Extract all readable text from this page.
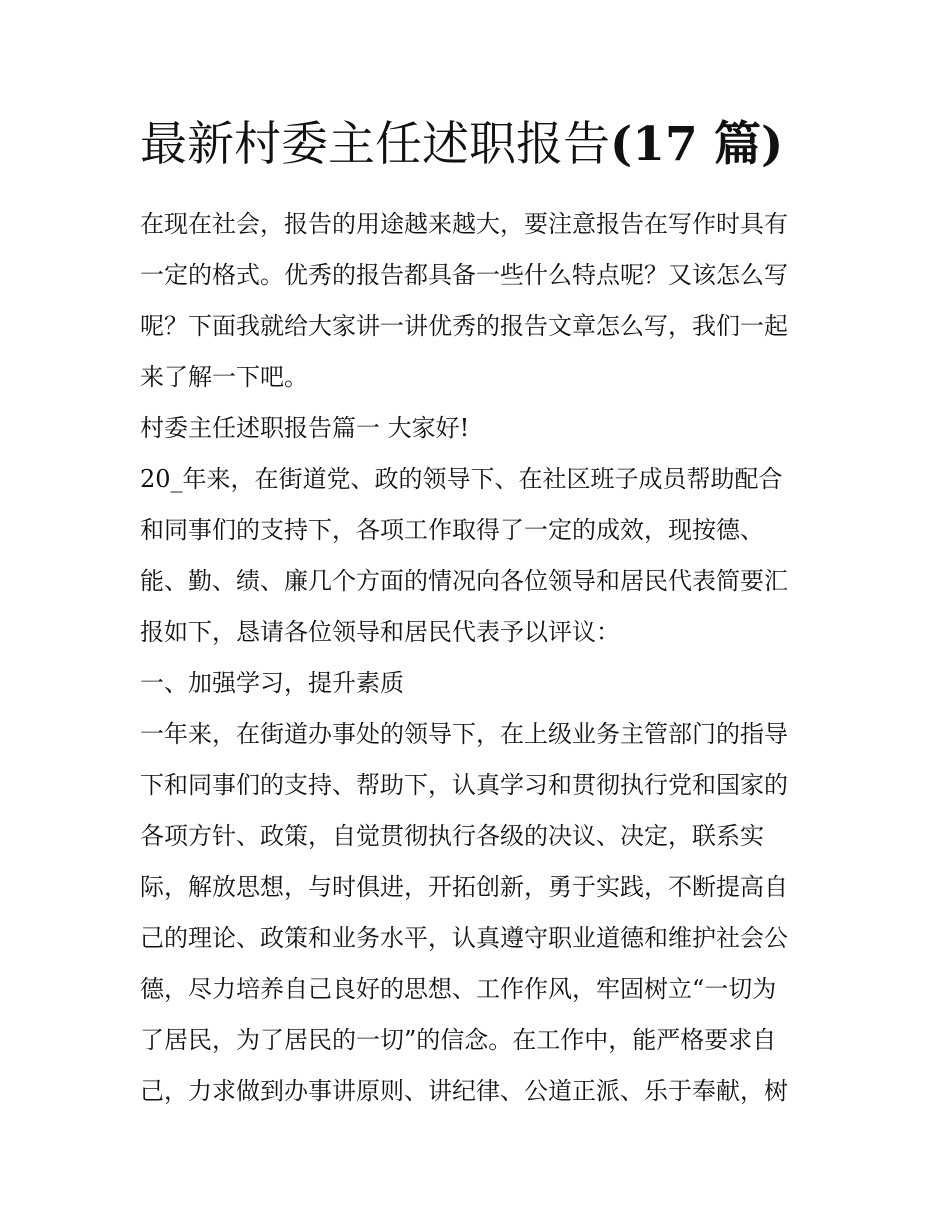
最新村委主任述职报告(17 篇)
在现在社会，报告的用途越来越大，要注意报告在写作时具有
一定的格式。优秀的报告都具备一些什么特点呢？又该怎么写
呢？下面我就给大家讲一讲优秀的报告文章怎么写，我们一起
来了解一下吧。
村委主任述职报告篇一 大家好!
20_年来，在街道党、政的领导下、在社区班子成员帮助配合
和同事们的支持下，各项工作取得了一定的成效，现按德、
能、勤、绩、廉几个方面的情况向各位领导和居民代表简要汇
报如下，恳请各位领导和居民代表予以评议：
一、加强学习，提升素质
一年来，在街道办事处的领导下，在上级业务主管部门的指导
下和同事们的支持、帮助下，认真学习和贯彻执行党和国家的
各项方针、政策，自觉贯彻执行各级的决议、决定，联系实
际，解放思想，与时俱进，开拓创新，勇于实践，不断提高自
己的理论、政策和业务水平，认真遵守职业道德和维护社会公
德，尽力培养自己良好的思想、工作作风，牢固树立“一切为
了居民，为了居民的一切”的信念。在工作中，能严格要求自
己，力求做到办事讲原则、讲纪律、公道正派、乐于奉献，树
